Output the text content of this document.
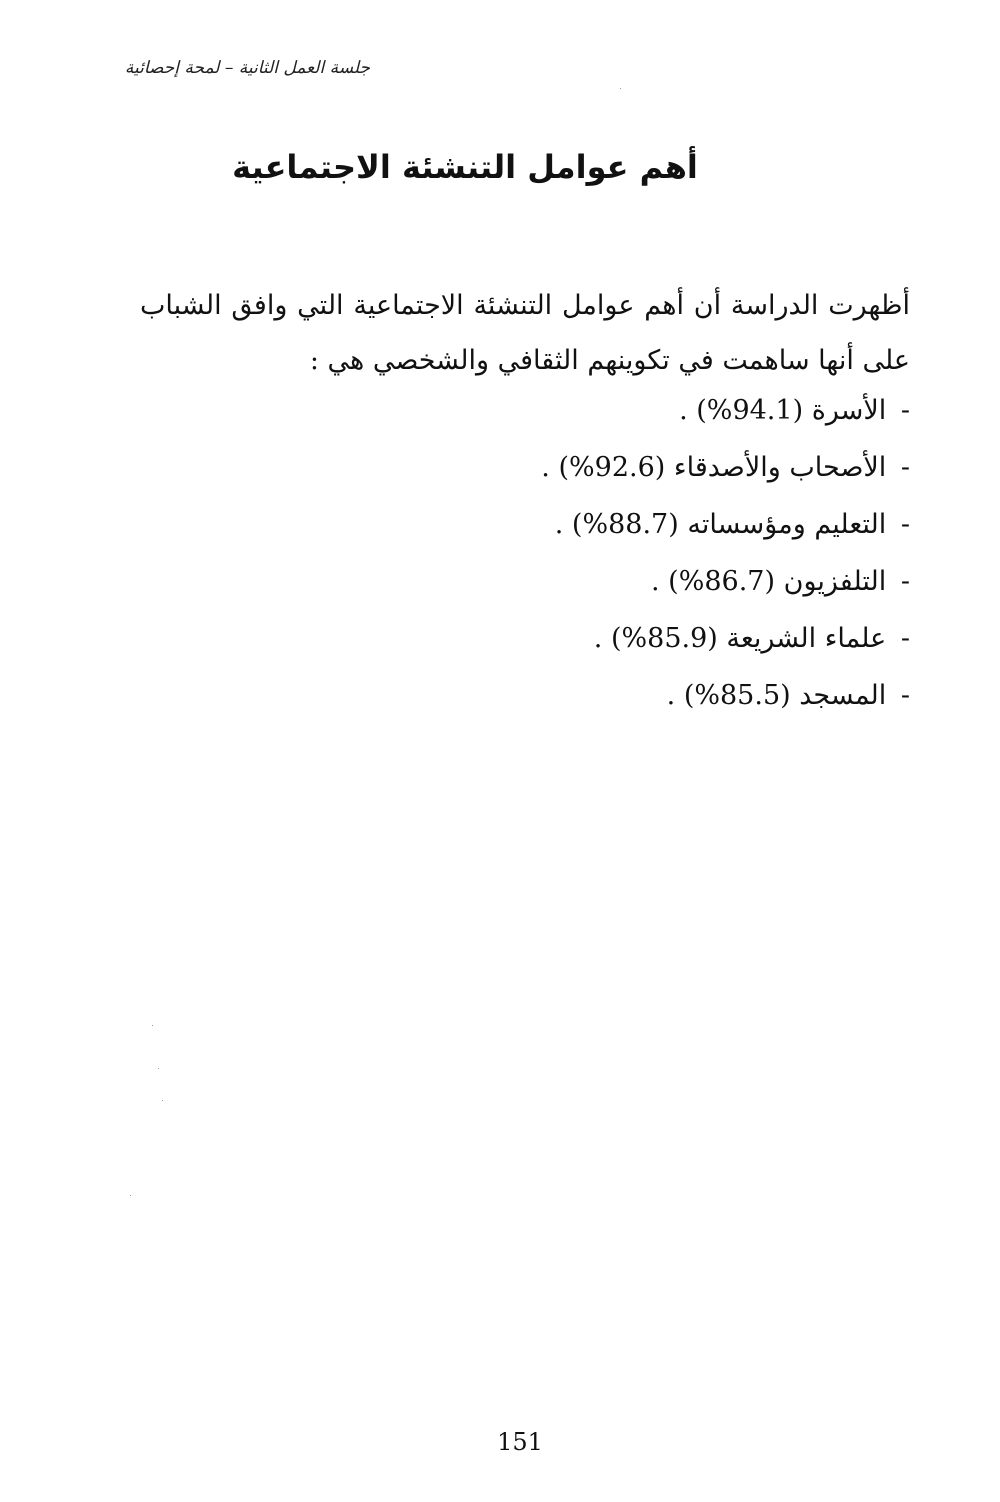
جلسة العمل الثانية – لمحة إحصائية
أهم عوامل التنشئة الاجتماعية

أظهرت الدراسة أن أهم عوامل التنشئة الاجتماعية التي وافق الشباب على أنها ساهمت في تكوينهم الثقافي والشخصي هي :

- الأسرة (%94.1) .
- الأصحاب والأصدقاء (%92.6) .
- التعليم ومؤسساته (%88.7) .
- التلفزيون (%86.7) .
- علماء الشريعة (%85.9) .
- المسجد (%85.5) .
151
